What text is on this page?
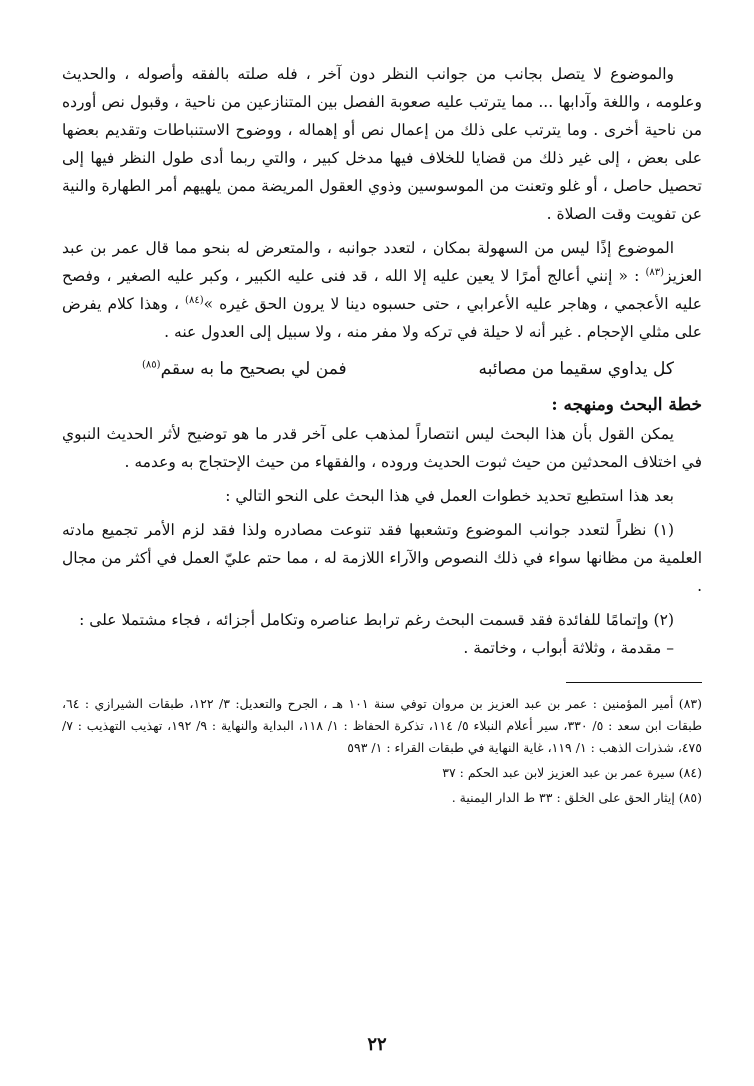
والموضوع لا يتصل بجانب من جوانب النظر دون آخر ، فله صلته بالفقه وأصوله ، والحديث وعلومه ، واللغة وآدابها ... مما يترتب عليه صعوبة الفصل بين المتنازعين من ناحية ، وقبول نص أورده من ناحية أخرى . وما يترتب على ذلك من إعمال نص أو إهماله ، ووضوح الاستنباطات وتقديم بعضها على بعض ، إلى غير ذلك من قضايا للخلاف فيها مدخل كبير ، والتي ربما أدى طول النظر فيها إلى تحصيل حاصل ، أو غلو وتعنت من الموسوسين وذوي العقول المريضة ممن يلهيهم أمر الطهارة والنية عن تفويت وقت الصلاة .

الموضوع إذًا ليس من السهولة بمكان ، لتعدد جوانبه ، والمتعرض له بنحو مما قال عمر بن عبد العزيز$^{(٨٣)}$ : « إنني أعالج أمرًا لا يعين عليه إلا الله ، قد فنى عليه الكبير ، وكبر عليه الصغير ، وفصح عليه الأعجمي ، وهاجر عليه الأعرابي ، حتى حسبوه دينا لا يرون الحق غيره »$^{(٨٤)}$ ، وهذا كلام يفرض على مثلي الإحجام . غير أنه لا حيلة في تركه ولا مفر منه ، ولا سبيل إلى العدول عنه .

كل يداوي سقيما من مصائبه
فمن لي بصحيح ما به سقم$^{(٨٥)}$

خطة البحث ومنهجه :

يمكن القول بأن هذا البحث ليس انتصاراً لمذهب على آخر قدر ما هو توضيح لأثر الحديث النبوي في اختلاف المحدثين من حيث ثبوت الحديث وروده ، والفقهاء من حيث الإحتجاج به وعدمه .

بعد هذا استطيع تحديد خطوات العمل في هذا البحث على النحو التالي :

(١) نظراً لتعدد جوانب الموضوع وتشعبها فقد تنوعت مصادره ولذا فقد لزم الأمر تجميع مادته العلمية من مظانها سواء في ذلك النصوص والآراء اللازمة له ، مما حتم عليّ العمل في أكثر من مجال .

(٢) وإتمامًا للفائدة فقد قسمت البحث رغم ترابط عناصره وتكامل أجزائه ، فجاء مشتملا على :

– مقدمة ، وثلاثة أبواب ، وخاتمة .

(٨٣) أمير المؤمنين : عمر بن عبد العزيز بن مروان توفي سنة ١٠١ هـ ، الجرح والتعديل: ٣/ ١٢٢، طبقات الشيرازي : ٦٤، طبقات ابن سعد : ٥/ ٣٣٠، سير أعلام النبلاء ٥/ ١١٤، تذكرة الحفاظ : ١/ ١١٨، البداية والنهاية : ٩/ ١٩٢، تهذيب التهذيب : ٧/ ٤٧٥، شذرات الذهب : ١/ ١١٩، غاية النهاية في طبقات القراء : ١/ ٥٩٣

(٨٤) سيرة عمر بن عبد العزيز لابن عبد الحكم : ٣٧

(٨٥) إيثار الحق على الخلق : ٣٣ ط الدار اليمنية .

٢٢
